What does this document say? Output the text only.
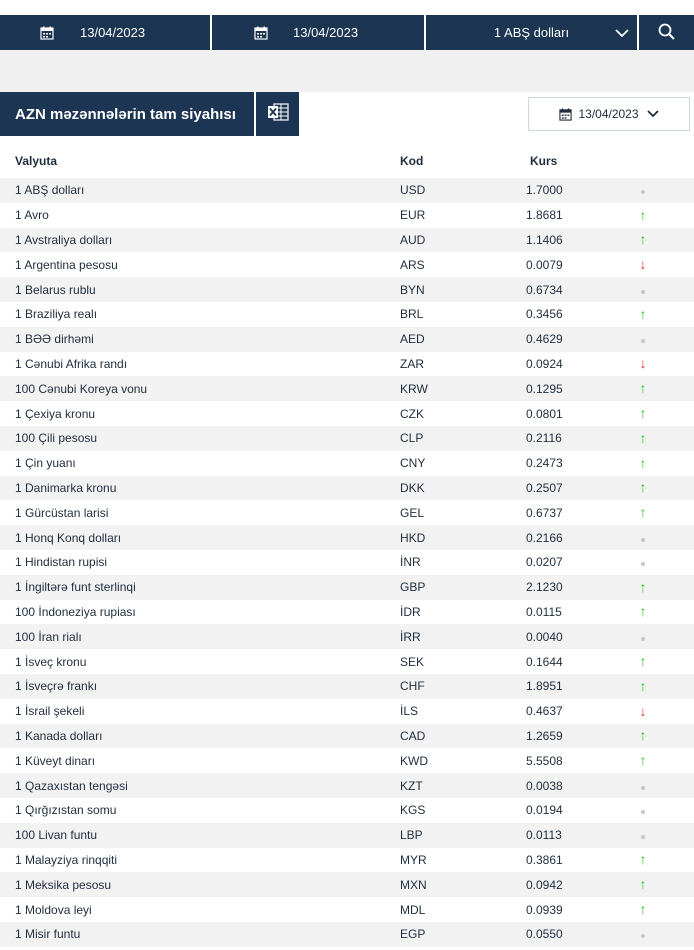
13/04/2023	13/04/2023	1 ABŞ dolları
AZN məzənnələrin tam siyahısı	13/04/2023
Valyuta	Kod	Kurs
1 ABŞ dolları	USD	1.7000
1 Avro	EUR	1.8681	↑
1 Avstraliya dolları	AUD	1.1406	↑
1 Argentina pesosu	ARS	0.0079	↓
1 Belarus rublu	BYN	0.6734
1 Braziliya realı	BRL	0.3456	↑
1 BƏƏ dirhəmi	AED	0.4629
1 Cənubi Afrika randı	ZAR	0.0924	↓
100 Cənubi Koreya vonu	KRW	0.1295	↑
1 Çexiya kronu	CZK	0.0801	↑
100 Çili pesosu	CLP	0.2116	↑
1 Çin yuanı	CNY	0.2473	↑
1 Danimarka kronu	DKK	0.2507	↑
1 Gürcüstan larisi	GEL	0.6737	↑
1 Honq Konq dolları	HKD	0.2166
1 Hindistan rupisi	İNR	0.0207
1 İngiltərə funt sterlinqi	GBP	2.1230	↑
100 İndoneziya rupiası	İDR	0.0115	↑
100 İran rialı	İRR	0.0040
1 İsveç kronu	SEK	0.1644	↑
1 İsveçrə frankı	CHF	1.8951	↑
1 İsrail şekeli	İLS	0.4637	↓
1 Kanada dolları	CAD	1.2659	↑
1 Küveyt dinarı	KWD	5.5508	↑
1 Qazaxıstan tengəsi	KZT	0.0038
1 Qırğızıstan somu	KGS	0.0194
100 Livan funtu	LBP	0.0113
1 Malayziya rinqqiti	MYR	0.3861	↑
1 Meksika pesosu	MXN	0.0942	↑
1 Moldova leyi	MDL	0.0939	↑
1 Misir funtu	EGP	0.0550
